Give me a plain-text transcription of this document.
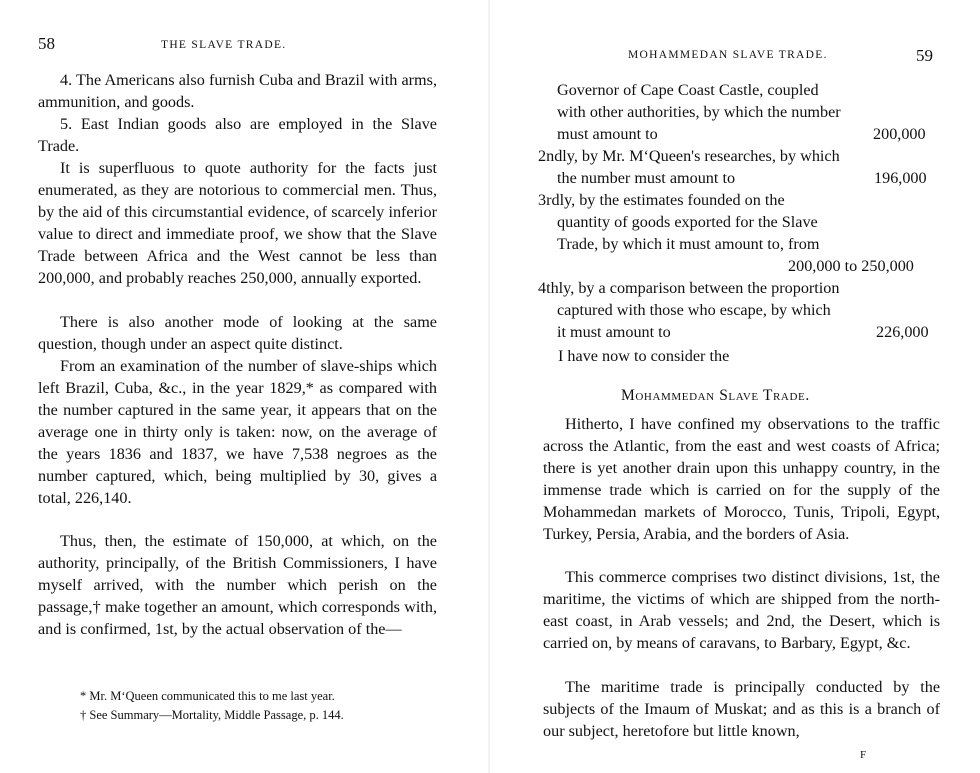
58	THE SLAVE TRADE.

4. The Americans also furnish Cuba and Brazil with arms, ammunition, and goods.

5. East Indian goods also are employed in the Slave Trade.

It is superfluous to quote authority for the facts just enumerated, as they are notorious to commercial men. Thus, by the aid of this circumstantial evidence, of scarcely inferior value to direct and immediate proof, we show that the Slave Trade between Africa and the West cannot be less than 200,000, and probably reaches 250,000, annually exported.

There is also another mode of looking at the same question, though under an aspect quite distinct.

From an examination of the number of slave-ships which left Brazil, Cuba, &c., in the year 1829,* as compared with the number captured in the same year, it appears that on the average one in thirty only is taken: now, on the average of the years 1836 and 1837, we have 7,538 negroes as the number captured, which, being multiplied by 30, gives a total, 226,140.

Thus, then, the estimate of 150,000, at which, on the authority, principally, of the British Commissioners, I have myself arrived, with the number which perish on the passage,† make together an amount, which corresponds with, and is confirmed, 1st, by the actual observation of the—

* Mr. M‘Queen communicated this to me last year.
† See Summary—Mortality, Middle Passage, p. 144.
MOHAMMEDAN SLAVE TRADE.	59

Governor of Cape Coast Castle, coupled with other authorities, by which the number must amount to	200,000

2ndly, by Mr. M‘Queen's researches, by which the number must amount to	196,000

3rdly, by the estimates founded on the quantity of goods exported for the Slave Trade, by which it must amount to, from

200,000 to 250,000

4thly, by a comparison between the proportion captured with those who escape, by which it must amount to	226,000
I have now to consider the
Mohammedan Slave Trade.

Hitherto, I have confined my observations to the traffic across the Atlantic, from the east and west coasts of Africa; there is yet another drain upon this unhappy country, in the immense trade which is carried on for the supply of the Mohammedan markets of Morocco, Tunis, Tripoli, Egypt, Turkey, Persia, Arabia, and the borders of Asia.

This commerce comprises two distinct divisions, 1st, the maritime, the victims of which are shipped from the north-east coast, in Arab vessels; and 2nd, the Desert, which is carried on, by means of caravans, to Barbary, Egypt, &c.

The maritime trade is principally conducted by the subjects of the Imaum of Muskat; and as this is a branch of our subject, heretofore but little known,

F
